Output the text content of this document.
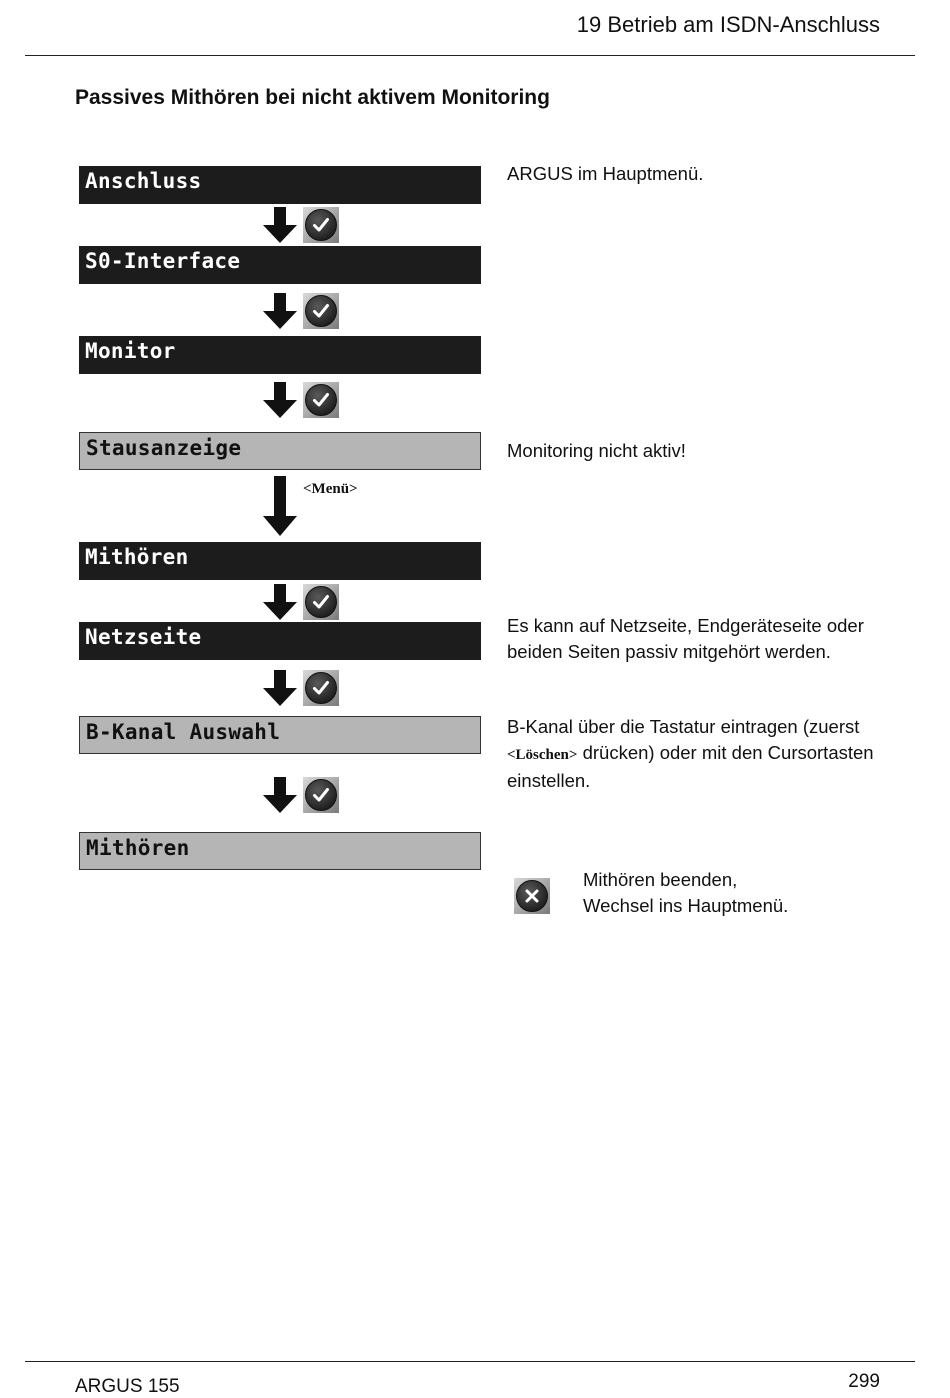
19 Betrieb am ISDN-Anschluss
Passives Mithören bei nicht aktivem Monitoring
Anschluss
S0-Interface
Monitor
Stausanzeige
<Menü>
Mithören
Netzseite
B-Kanal Auswahl
Mithören
ARGUS im Hauptmenü.
Monitoring nicht aktiv!
Es kann auf Netzseite, Endgeräteseite oder beiden Seiten passiv mitgehört werden.
B-Kanal über die Tastatur eintragen (zuerst <Löschen> drücken) oder mit den Cursortasten einstellen.
Mithören beenden,
Wechsel ins Hauptmenü.
ARGUS 155	299
